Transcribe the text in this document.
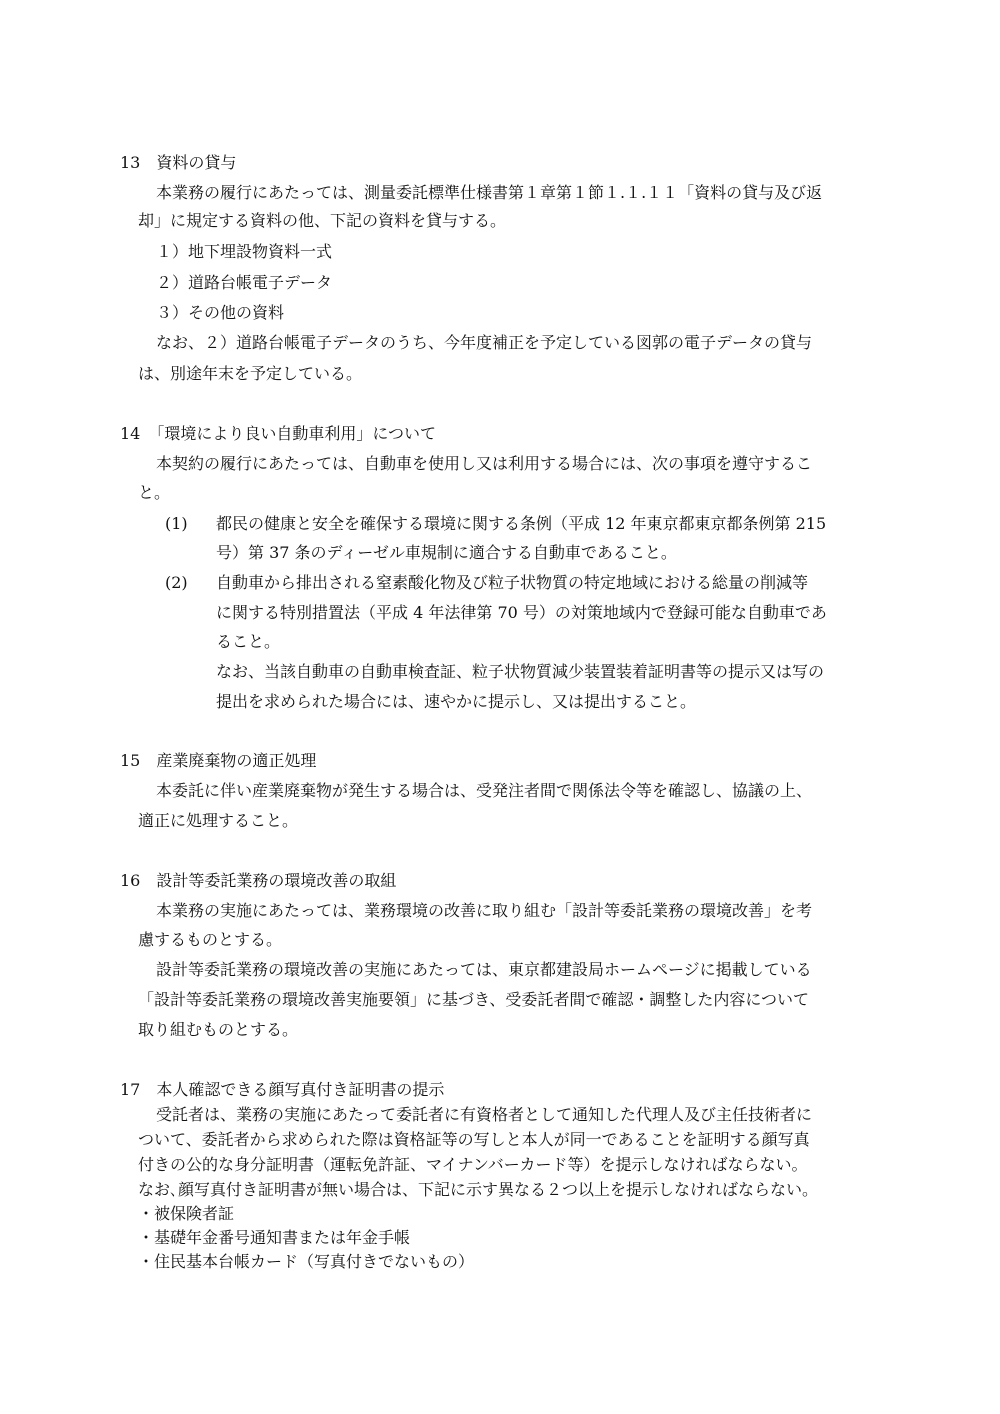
13　資料の貸与
本業務の履行にあたっては、測量委託標準仕様書第１章第１節１.１.１１「資料の貸与及び返
却」に規定する資料の他、下記の資料を貸与する。
１）地下埋設物資料一式
２）道路台帳電子データ
３）その他の資料
なお、２）道路台帳電子データのうち、今年度補正を予定している図郭の電子データの貸与
は、別途年末を予定している。
14　「環境により良い自動車利用」について
本契約の履行にあたっては、自動車を使用し又は利用する場合には、次の事項を遵守するこ
と。
(1) 都民の健康と安全を確保する環境に関する条例（平成 12 年東京都東京都条例第 215
号）第 37 条のディーゼル車規制に適合する自動車であること。
(2) 自動車から排出される窒素酸化物及び粒子状物質の特定地域における総量の削減等
に関する特別措置法（平成 4 年法律第 70 号）の対策地域内で登録可能な自動車であ
ること。
なお、当該自動車の自動車検査証、粒子状物質減少装置装着証明書等の提示又は写の
提出を求められた場合には、速やかに提示し、又は提出すること。
15　産業廃棄物の適正処理
本委託に伴い産業廃棄物が発生する場合は、受発注者間で関係法令等を確認し、協議の上、
適正に処理すること。
16　設計等委託業務の環境改善の取組
本業務の実施にあたっては、業務環境の改善に取り組む「設計等委託業務の環境改善」を考
慮するものとする。
設計等委託業務の環境改善の実施にあたっては、東京都建設局ホームページに掲載している
「設計等委託業務の環境改善実施要領」に基づき、受委託者間で確認・調整した内容について
取り組むものとする。
17　本人確認できる顔写真付き証明書の提示
受託者は、業務の実施にあたって委託者に有資格者として通知した代理人及び主任技術者に
ついて、委託者から求められた際は資格証等の写しと本人が同一であることを証明する顔写真
付きの公的な身分証明書（運転免許証、マイナンバーカード等）を提示しなければならない。
なお､顔写真付き証明書が無い場合は、下記に示す異なる２つ以上を提示しなければならない。
・被保険者証
・基礎年金番号通知書または年金手帳
・住民基本台帳カード（写真付きでないもの）
